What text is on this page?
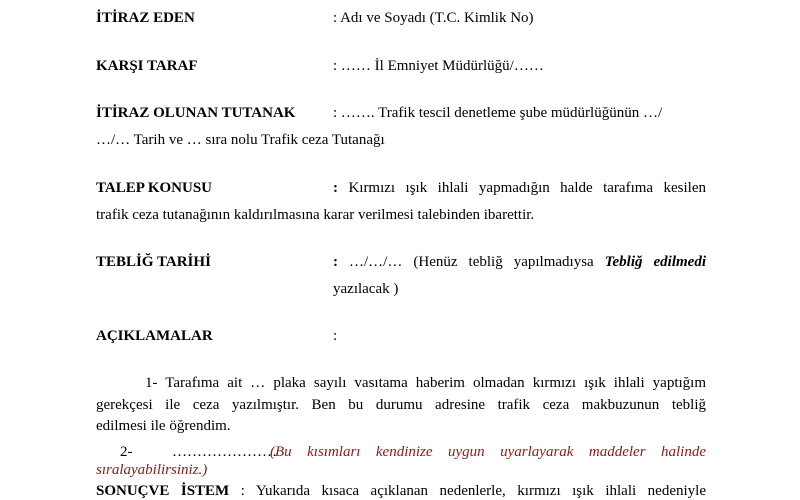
İTİRAZ EDEN	: Adı ve Soyadı (T.C. Kimlik No)
KARŞI TARAF	: …… İl Emniyet Müdürlüğü/……
İTİRAZ OLUNAN TUTANAK	: ……. Trafik tescil denetleme şube müdürlüğünün …/
…/… Tarih ve … sıra nolu Trafik ceza Tutanağı
TALEP KONUSU	: Kırmızı ışık ihlali yapmadığın halde tarafıma kesilen
trafik ceza tutanağının kaldırılmasına karar verilmesi talebinden ibarettir.
TEBLİĞ TARİHİ	: …/…/… (Henüz tebliğ yapılmadıysa Tebliğ edilmedi
yazılacak )
AÇIKLAMALAR	:
1- Tarafıma ait … plaka sayılı vasıtama haberim olmadan kırmızı ışık ihlali yaptığım
gerekçesi ile ceza yazılmıştır. Ben bu durumu adresine trafik ceza makbuzunun tebliğ
edilmesi ile öğrendim.
2-	…………………
(Bu kısımları kendinize uygun uyarlayarak maddeler halinde
sıralayabilirsiniz.)
SONUÇVE İSTEM : Yukarıda kısaca açıklanan nedenlerle, kırmızı ışık ihlali nedeniyle
